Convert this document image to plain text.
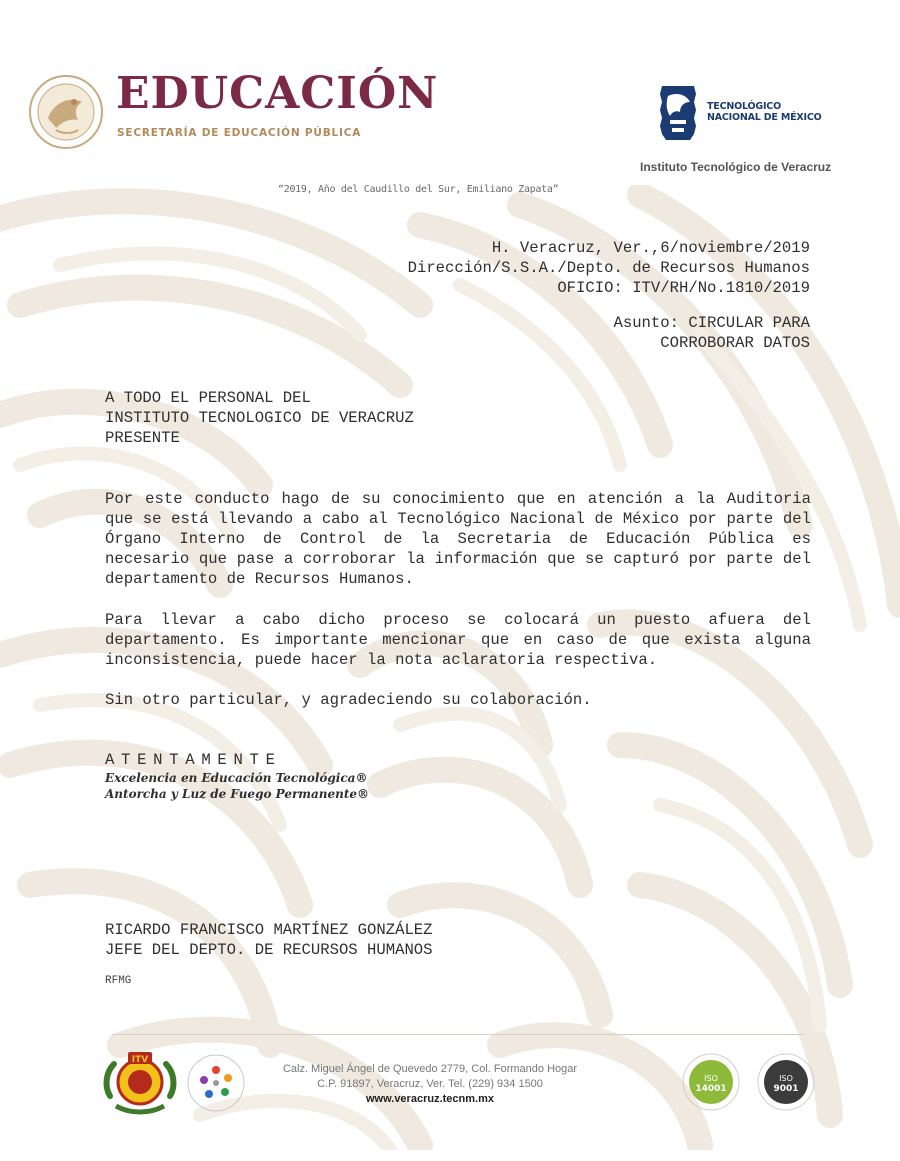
EDUCACIÓN
SECRETARÍA DE EDUCACIÓN PÚBLICA
TECNOLÓGICO
NACIONAL DE MÉXICO
Instituto Tecnológico de Veracruz
“2019, Año del Caudillo del Sur, Emiliano Zapata”
H. Veracruz, Ver.,6/noviembre/2019
Dirección/S.S.A./Depto. de Recursos Humanos
OFICIO: ITV/RH/No.1810/2019
Asunto: CIRCULAR PARA
CORROBORAR DATOS
A TODO EL PERSONAL DEL
INSTITUTO TECNOLOGICO DE VERACRUZ
PRESENTE
Por este conducto hago de su conocimiento que en atención a la Auditoria que se está llevando a cabo al Tecnológico Nacional de México por parte del Órgano Interno de Control de la Secretaria de Educación Pública es necesario que pase a corroborar la información que se capturó por parte del departamento de Recursos Humanos.
Para llevar a cabo dicho proceso se colocará un puesto afuera del departamento. Es importante mencionar que en caso de que exista alguna inconsistencia, puede hacer la nota aclaratoria respectiva.
Sin otro particular, y agradeciendo su colaboración.
ATENTAMENTE
Excelencia en Educación Tecnológica®
Antorcha y Luz de Fuego Permanente®
RICARDO FRANCISCO MARTÍNEZ GONZÁLEZ
JEFE DEL DEPTO. DE RECURSOS HUMANOS
RFMG
ITV
Calz. Miguel Ángel de Quevedo 2779, Col. Formando Hogar
C.P. 91897, Veracruz, Ver. Tel. (229) 934 1500
www.veracruz.tecnm.mx
ISO
14001
ISO
9001
